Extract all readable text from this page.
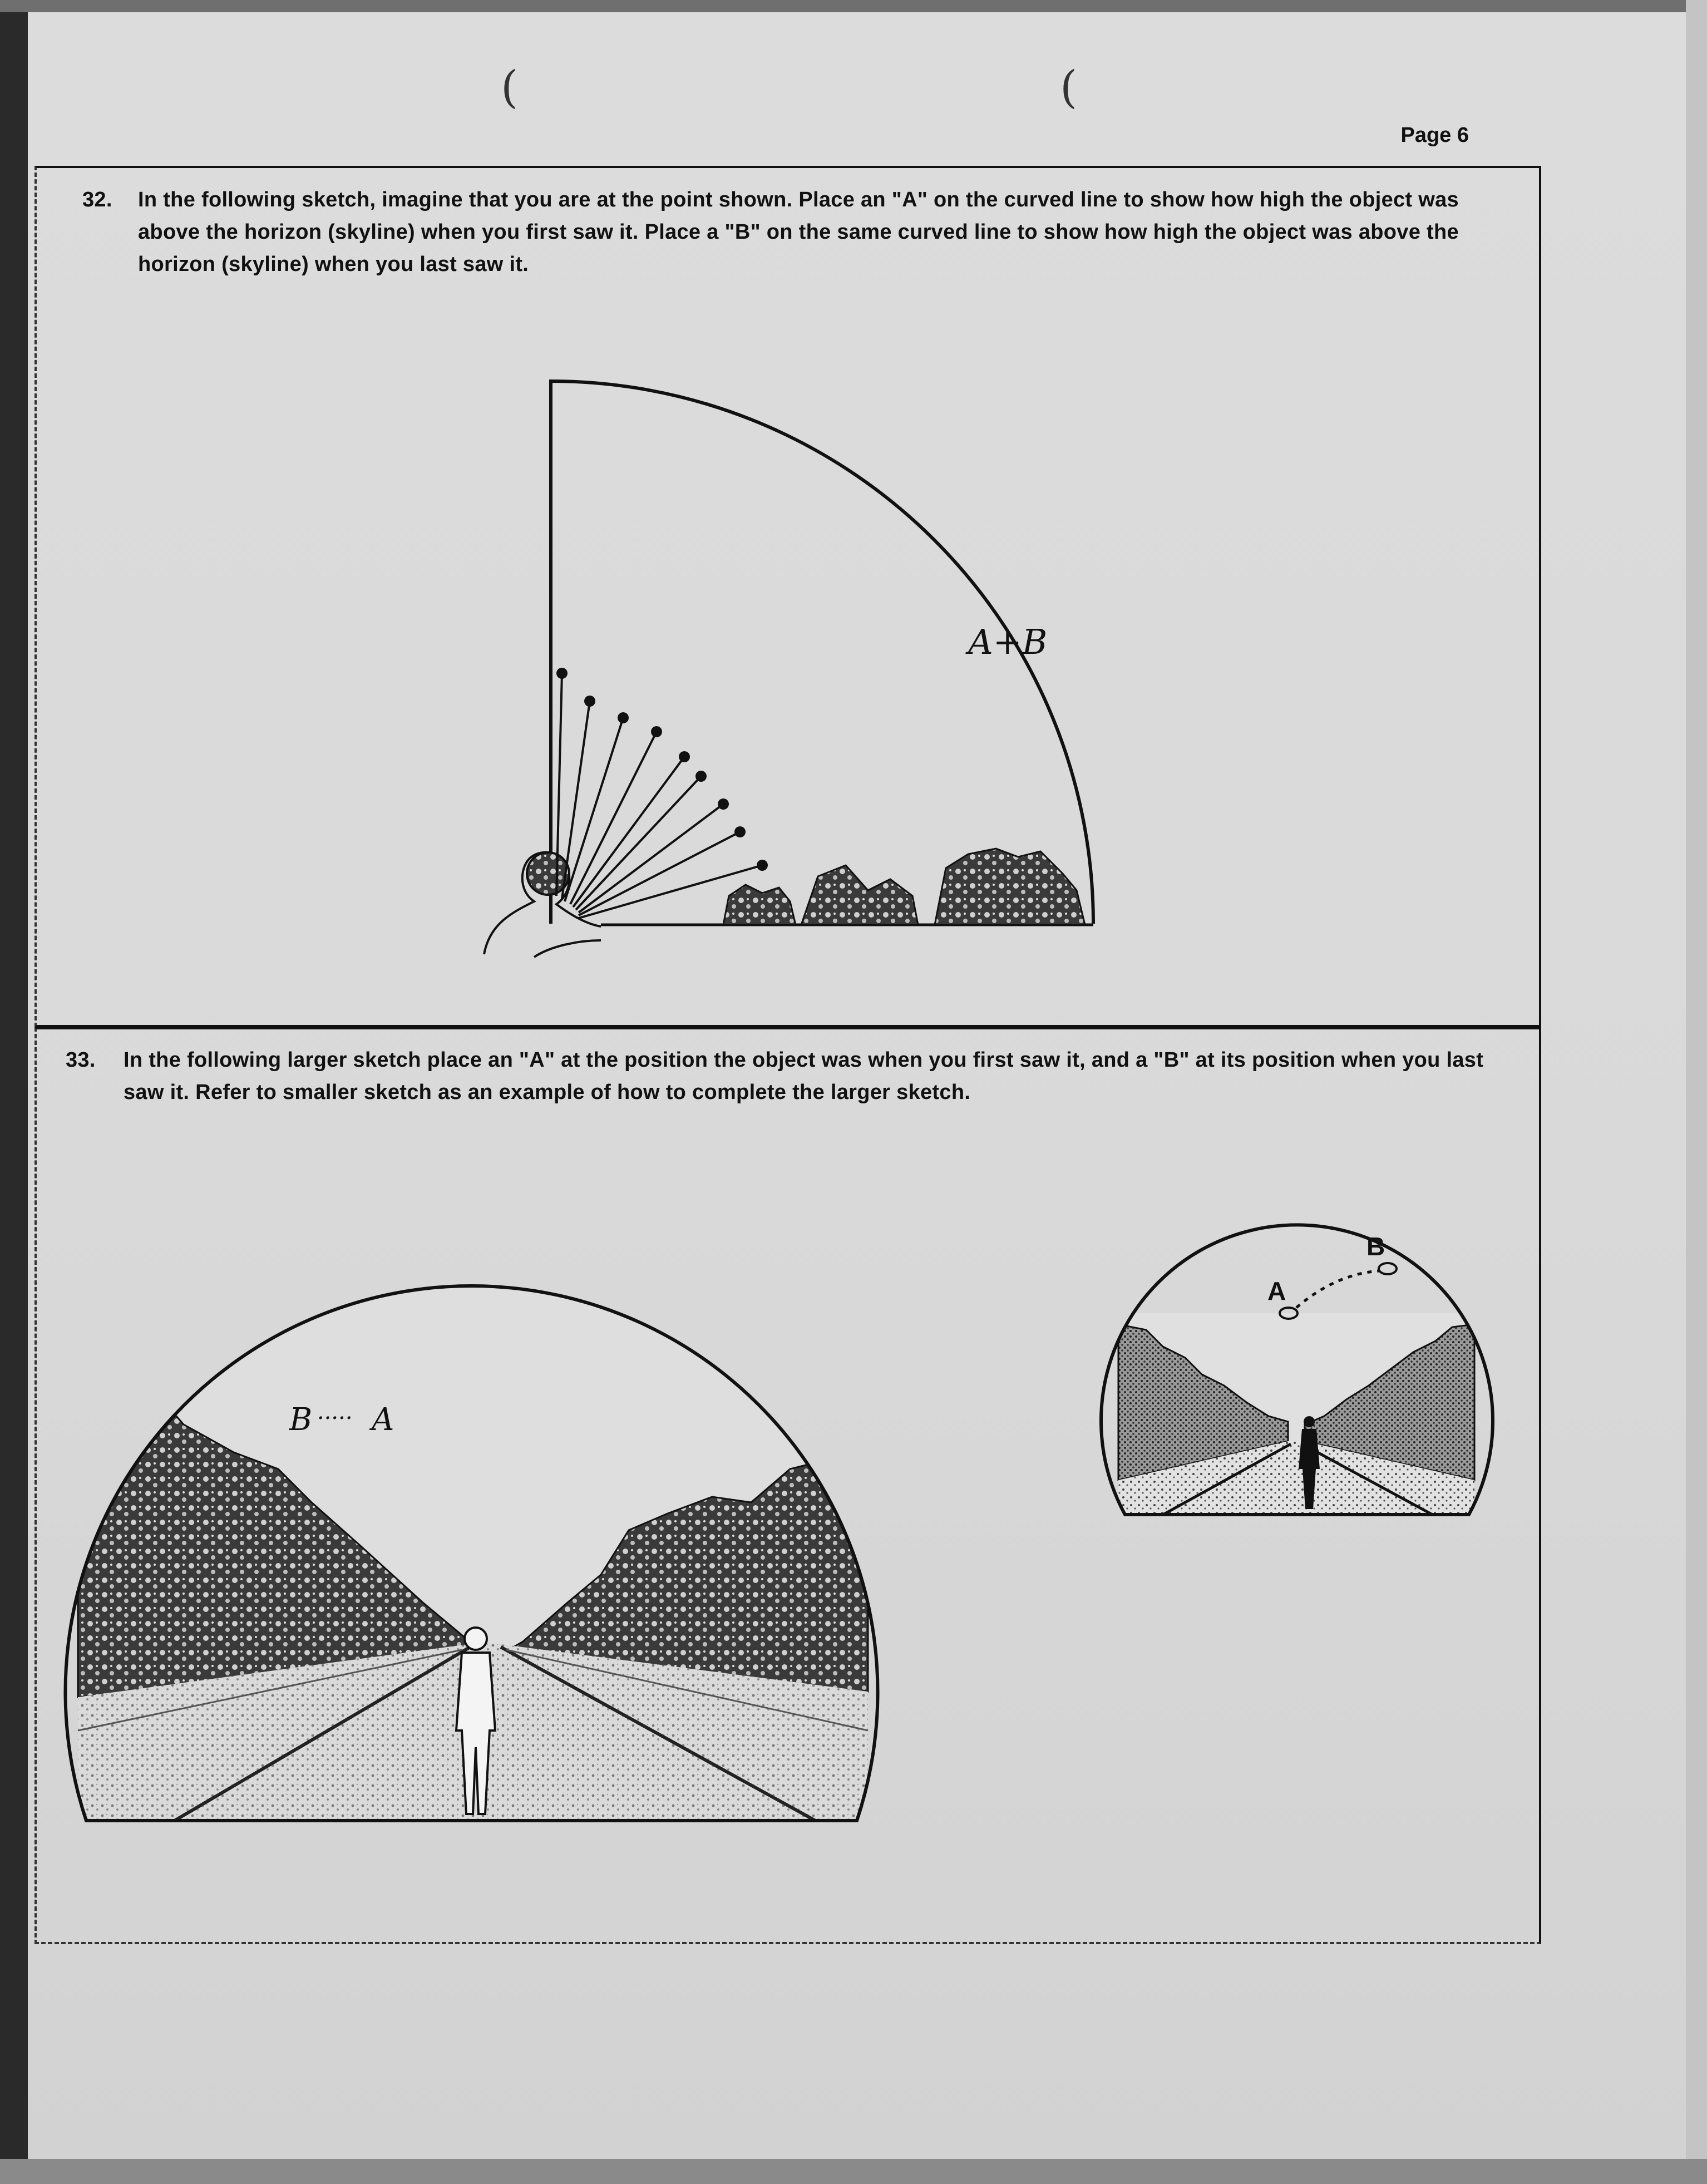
(	(
Page 6
32. In the following sketch, imagine that you are at the point shown. Place an "A" on the curved line to show how high the object was above the horizon (skyline) when you first saw it. Place a "B" on the same curved line to show how high the object was above the horizon (skyline) when you last saw it.
33. In the following larger sketch place an "A" at the position the object was when you first saw it, and a "B" at its position when you last saw it. Refer to smaller sketch as an example of how to complete the larger sketch.
A+B
B ····· A
A
B
